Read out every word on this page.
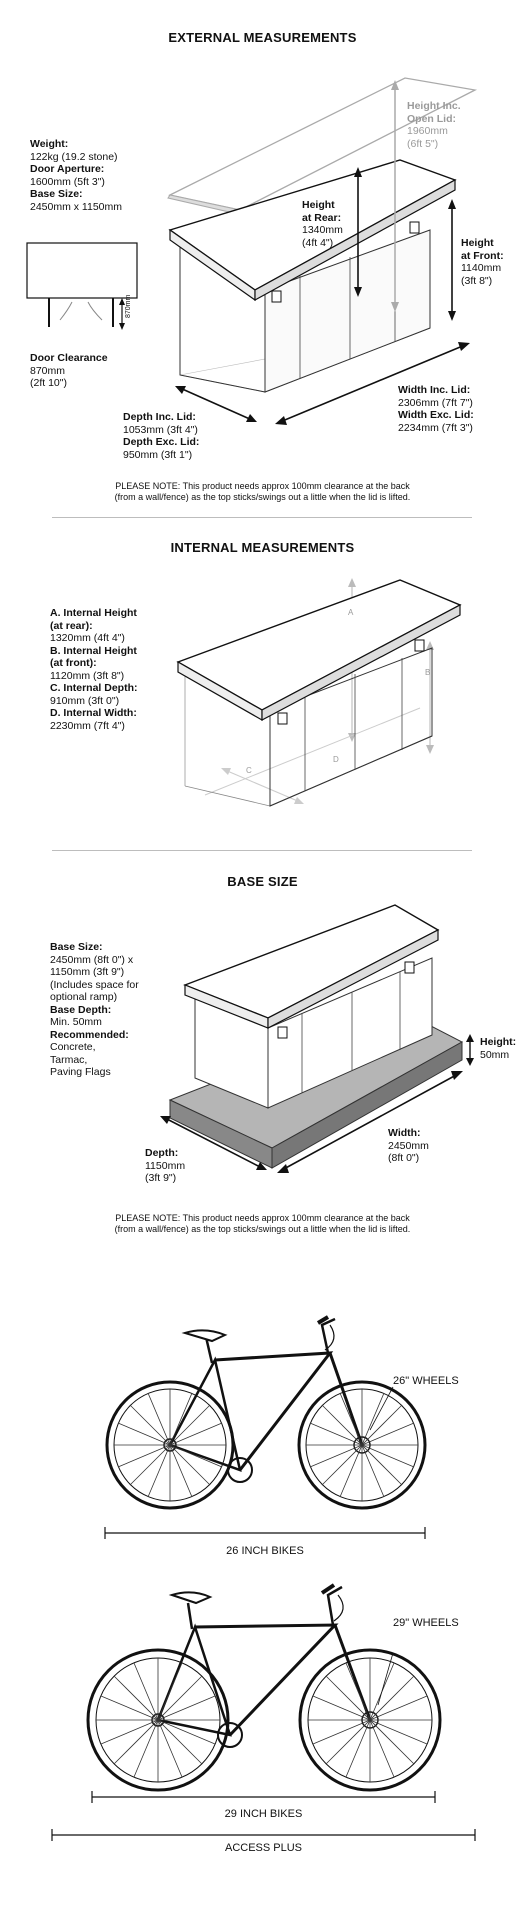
EXTERNAL MEASUREMENTS
870mm
Weight:
122kg (19.2 stone)
Door Aperture:
1600mm (5ft 3")
Base Size:
2450mm x 1150mm
Door Clearance
870mm
(2ft 10")
Height Inc.
Open Lid:
1960mm
(6ft 5")
Height
at Rear:
1340mm
(4ft 4")	Height
at Front:
1140mm
(3ft 8")
Depth Inc. Lid:
1053mm (3ft 4")
Depth Exc. Lid:
950mm (3ft 1")
Width Inc. Lid:
2306mm (7ft 7")
Width Exc. Lid:
2234mm (7ft 3")
PLEASE NOTE: This product needs approx 100mm clearance at the back
(from a wall/fence) as the top sticks/swings out a little when the lid is lifted.
INTERNAL MEASUREMENTS
A
B
C
D
A. Internal Height
(at rear):
1320mm (4ft 4")
B. Internal Height
(at front):
1120mm (3ft 8")
C. Internal Depth:
910mm (3ft 0")
D. Internal Width:
2230mm (7ft 4")
BASE SIZE
Base Size:
2450mm (8ft 0") x
1150mm (3ft 9")
(Includes space for
optional ramp)
Base Depth:
Min. 50mm
Recommended:
Concrete,
Tarmac,
Paving Flags
Height:
50mm
Width:
2450mm
(8ft 0")
Depth:
1150mm
(3ft 9")
PLEASE NOTE: This product needs approx 100mm clearance at the back
(from a wall/fence) as the top sticks/swings out a little when the lid is lifted.
26" WHEELS
26 INCH BIKES
29" WHEELS
29 INCH BIKES
ACCESS PLUS
